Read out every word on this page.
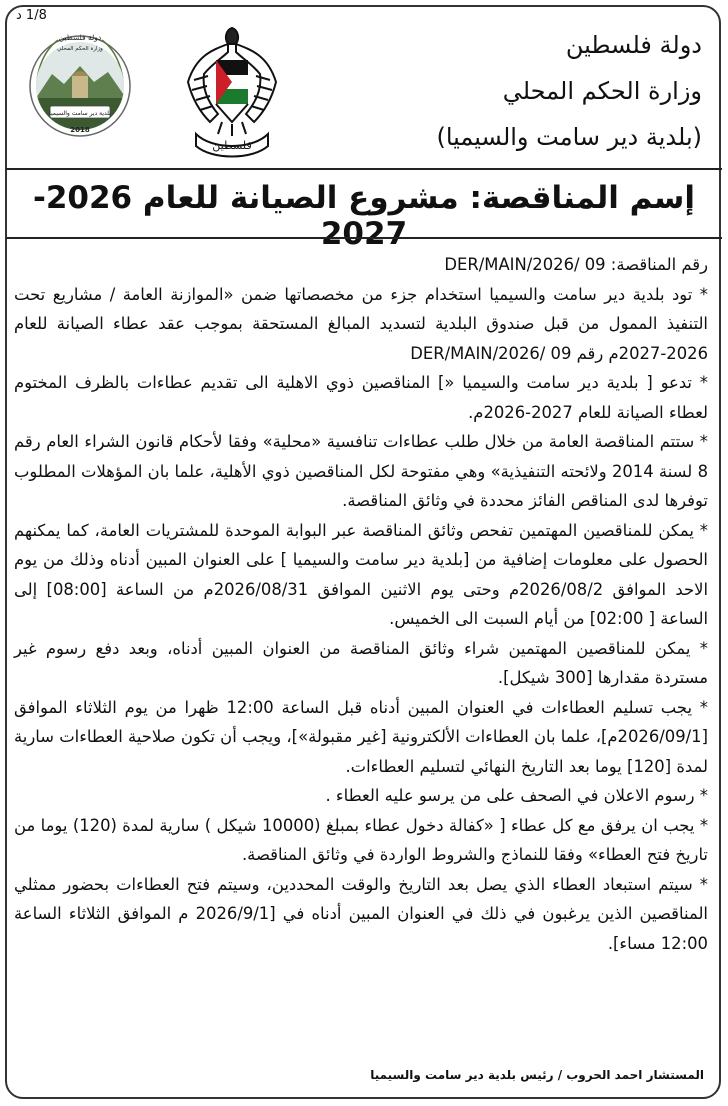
1/8 د
دولة فلسطين
وزارة الحكم المحلي
(بلدية دير سامت والسيميا)
فلسطين
دولة فلسطين
وزارة الحكم المحلي
بلدية دير سامت والسيميا
2018
إسم المناقصة: مشروع الصيانة للعام 2026-2027

رقم المناقصة: DER/MAIN/2026/ 09

* تود بلدية دير سامت والسيميا استخدام جزء من مخصصاتها ضمن «الموازنة العامة / مشاريع تحت التنفيذ الممول من قبل صندوق البلدية لتسديد المبالغ المستحقة بموجب عقد عطاء الصيانة للعام 2026-2027م رقم DER/MAIN/2026/ 09

* تدعو [ بلدية دير سامت والسيميا «] المناقصين ذوي الاهلية الى تقديم عطاءات بالظرف المختوم لعطاء الصيانة للعام 2027-2026م.

* ستتم المناقصة العامة من خلال طلب عطاءات تنافسية «محلية» وفقا لأحكام قانون الشراء العام رقم 8 لسنة 2014 ولائحته التنفيذية» وهي مفتوحة لكل المناقصين ذوي الأهلية، علما بان المؤهلات المطلوب توفرها لدى المناقص الفائز محددة في وثائق المناقصة.

* يمكن للمناقصين المهتمين تفحص وثائق المناقصة عبر البوابة الموحدة للمشتريات العامة، كما يمكنهم الحصول على معلومات إضافية من [بلدية دير سامت والسيميا ] على العنوان المبين أدناه وذلك من يوم الاحد الموافق 2026/08/2م وحتى يوم الاثنين الموافق 2026/08/31م من الساعة [08:00] إلى الساعة [ 02:00] من أيام السبت الى الخميس.

* يمكن للمناقصين المهتمين شراء وثائق المناقصة من العنوان المبين أدناه، وبعد دفع رسوم غير مستردة مقدارها [300 شيكل].

* يجب تسليم العطاءات في العنوان المبين أدناه قبل الساعة 12:00 ظهرا من يوم الثلاثاء الموافق [2026/09/1م]، علما بان العطاءات الألكترونية [غير مقبولة»]، ويجب أن تكون صلاحية العطاءات سارية لمدة [120] يوما بعد التاريخ النهائي لتسليم العطاءات.

* رسوم الاعلان في الصحف على من يرسو عليه العطاء .

* يجب ان يرفق مع كل عطاء [ «كفالة دخول عطاء بمبلغ (10000 شيكل ) سارية لمدة (120) يوما من تاريخ فتح العطاء» وفقا للنماذج والشروط الواردة في وثائق المناقصة.

* سيتم استبعاد العطاء الذي يصل بعد التاريخ والوقت المحددين، وسيتم فتح العطاءات بحضور ممثلي المناقصين الذين يرغبون في ذلك في العنوان المبين أدناه في [2026/9/1 م الموافق الثلاثاء الساعة 12:00 مساء].

المستشار احمد الحروب / رئيس بلدية دير سامت والسيميا
